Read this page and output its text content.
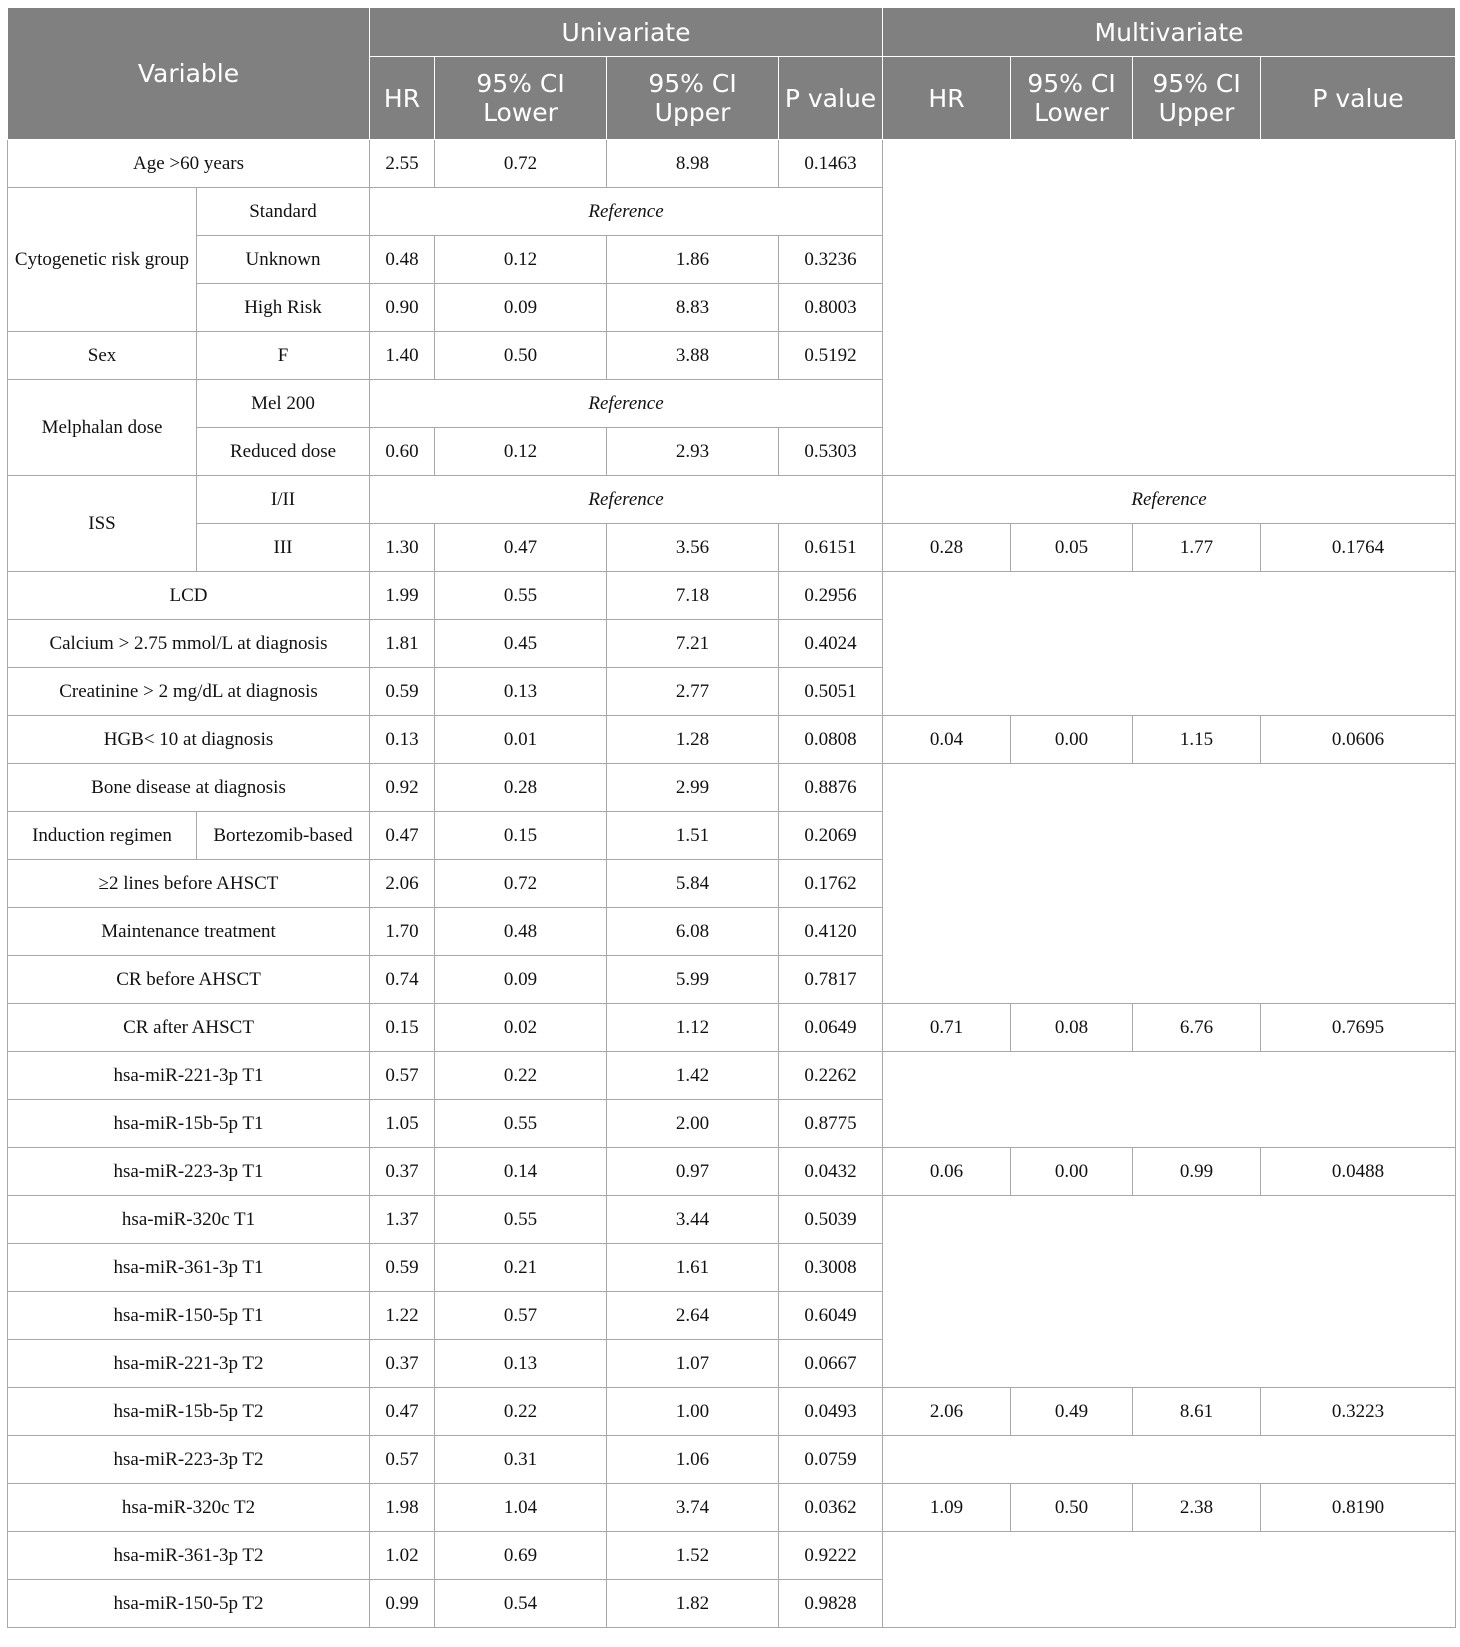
Variable		Univariate				Multivariate			
		HR	95% CI Lower	95% CI Upper	P value	HR	95% CI Lower	95% CI Upper	P value
Age >60 years		2.55	0.72	8.98	0.1463				
Cytogenetic risk group	Standard	Reference							
	Unknown	0.48	0.12	1.86	0.3236				
	High Risk	0.90	0.09	8.83	0.8003				
Sex	F	1.40	0.50	3.88	0.5192				
Melphalan dose	Mel 200	Reference							
	Reduced dose	0.60	0.12	2.93	0.5303				
ISS	I/II	Reference				Reference			
	III	1.30	0.47	3.56	0.6151	0.28	0.05	1.77	0.1764
LCD		1.99	0.55	7.18	0.2956				
Calcium > 2.75 mmol/L at diagnosis		1.81	0.45	7.21	0.4024				
Creatinine > 2 mg/dL at diagnosis		0.59	0.13	2.77	0.5051				
HGB< 10 at diagnosis		0.13	0.01	1.28	0.0808	0.04	0.00	1.15	0.0606
Bone disease at diagnosis		0.92	0.28	2.99	0.8876				
Induction regimen	Bortezomib-based	0.47	0.15	1.51	0.2069				
≥2 lines before AHSCT		2.06	0.72	5.84	0.1762				
Maintenance treatment		1.70	0.48	6.08	0.4120				
CR before AHSCT		0.74	0.09	5.99	0.7817				
CR after AHSCT		0.15	0.02	1.12	0.0649	0.71	0.08	6.76	0.7695
hsa-miR-221-3p T1		0.57	0.22	1.42	0.2262				
hsa-miR-15b-5p T1		1.05	0.55	2.00	0.8775				
hsa-miR-223-3p T1		0.37	0.14	0.97	0.0432	0.06	0.00	0.99	0.0488
hsa-miR-320c T1		1.37	0.55	3.44	0.5039				
hsa-miR-361-3p T1		0.59	0.21	1.61	0.3008				
hsa-miR-150-5p T1		1.22	0.57	2.64	0.6049				
hsa-miR-221-3p T2		0.37	0.13	1.07	0.0667				
hsa-miR-15b-5p T2		0.47	0.22	1.00	0.0493	2.06	0.49	8.61	0.3223
hsa-miR-223-3p T2		0.57	0.31	1.06	0.0759				
hsa-miR-320c T2		1.98	1.04	3.74	0.0362	1.09	0.50	2.38	0.8190
hsa-miR-361-3p T2		1.02	0.69	1.52	0.9222				
hsa-miR-150-5p T2		0.99	0.54	1.82	0.9828				
